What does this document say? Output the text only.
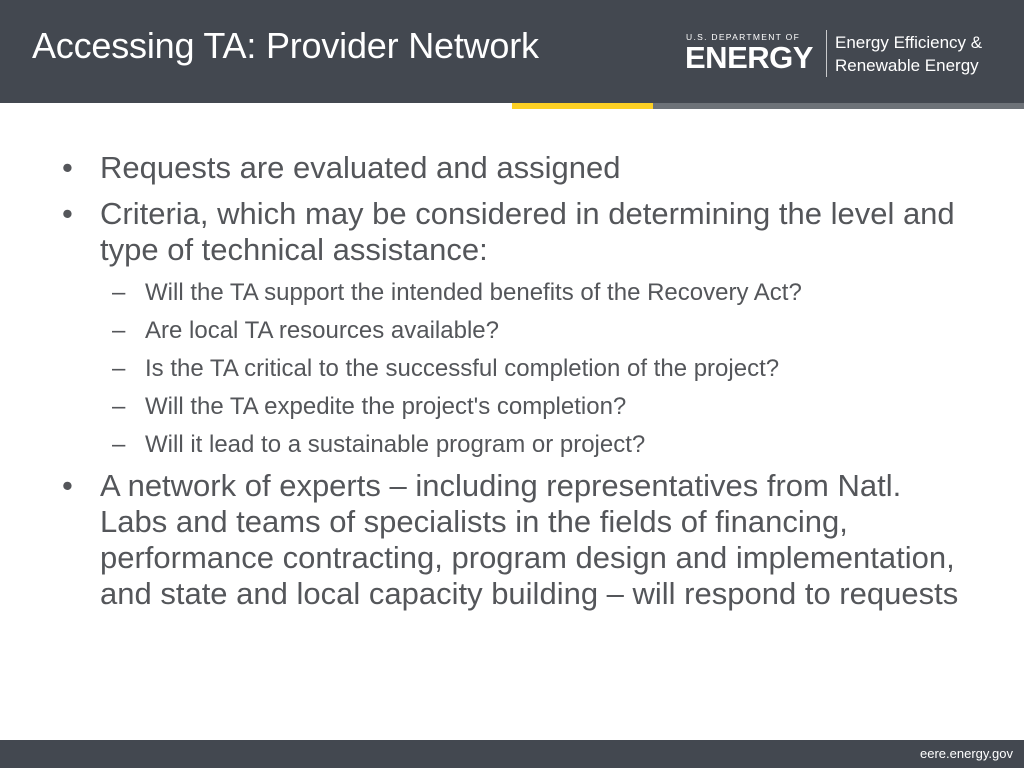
Accessing TA: Provider Network	U.S. DEPARTMENT OF
ENERGY Energy Efficiency &
Renewable Energy
• Requests are evaluated and assigned
• Criteria, which may be considered in determining the level and type of technical assistance:
– Will the TA support the intended benefits of the Recovery Act?
– Are local TA resources available?
– Is the TA critical to the successful completion of the project?
– Will the TA expedite the project's completion?
– Will it lead to a sustainable program or project?
• A network of experts – including representatives from Natl. Labs and teams of specialists in the fields of financing, performance contracting, program design and implementation, and state and local capacity building – will respond to requests
eere.energy.gov
